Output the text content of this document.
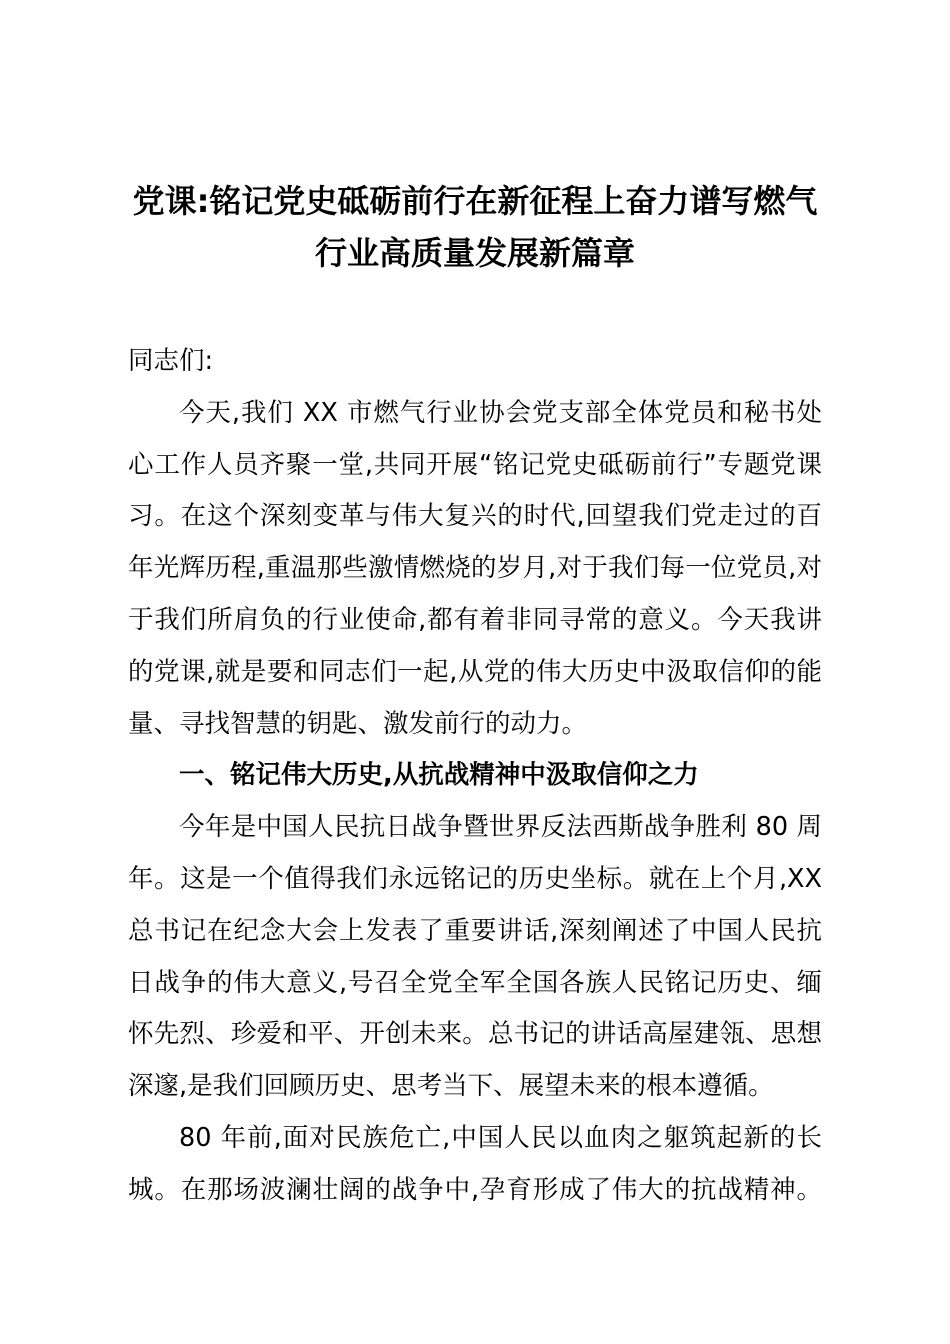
党课:铭记党史砥砺前行在新征程上奋力谱写燃气
行业高质量发展新篇章
同志们:
今天,我们 XX 市燃气行业协会党支部全体党员和秘书处
心工作人员齐聚一堂,共同开展“铭记党史砥砺前行”专题党课
习。在这个深刻变革与伟大复兴的时代,回望我们党走过的百
年光辉历程,重温那些激情燃烧的岁月,对于我们每一位党员,对
于我们所肩负的行业使命,都有着非同寻常的意义。今天我讲
的党课,就是要和同志们一起,从党的伟大历史中汲取信仰的能
量、寻找智慧的钥匙、激发前行的动力。
一、铭记伟大历史,从抗战精神中汲取信仰之力
今年是中国人民抗日战争暨世界反法西斯战争胜利 80 周
年。这是一个值得我们永远铭记的历史坐标。就在上个月,XX
总书记在纪念大会上发表了重要讲话,深刻阐述了中国人民抗
日战争的伟大意义,号召全党全军全国各族人民铭记历史、缅
怀先烈、珍爱和平、开创未来。总书记的讲话高屋建瓴、思想
深邃,是我们回顾历史、思考当下、展望未来的根本遵循。
80 年前,面对民族危亡,中国人民以血肉之躯筑起新的长
城。在那场波澜壮阔的战争中,孕育形成了伟大的抗战精神。
